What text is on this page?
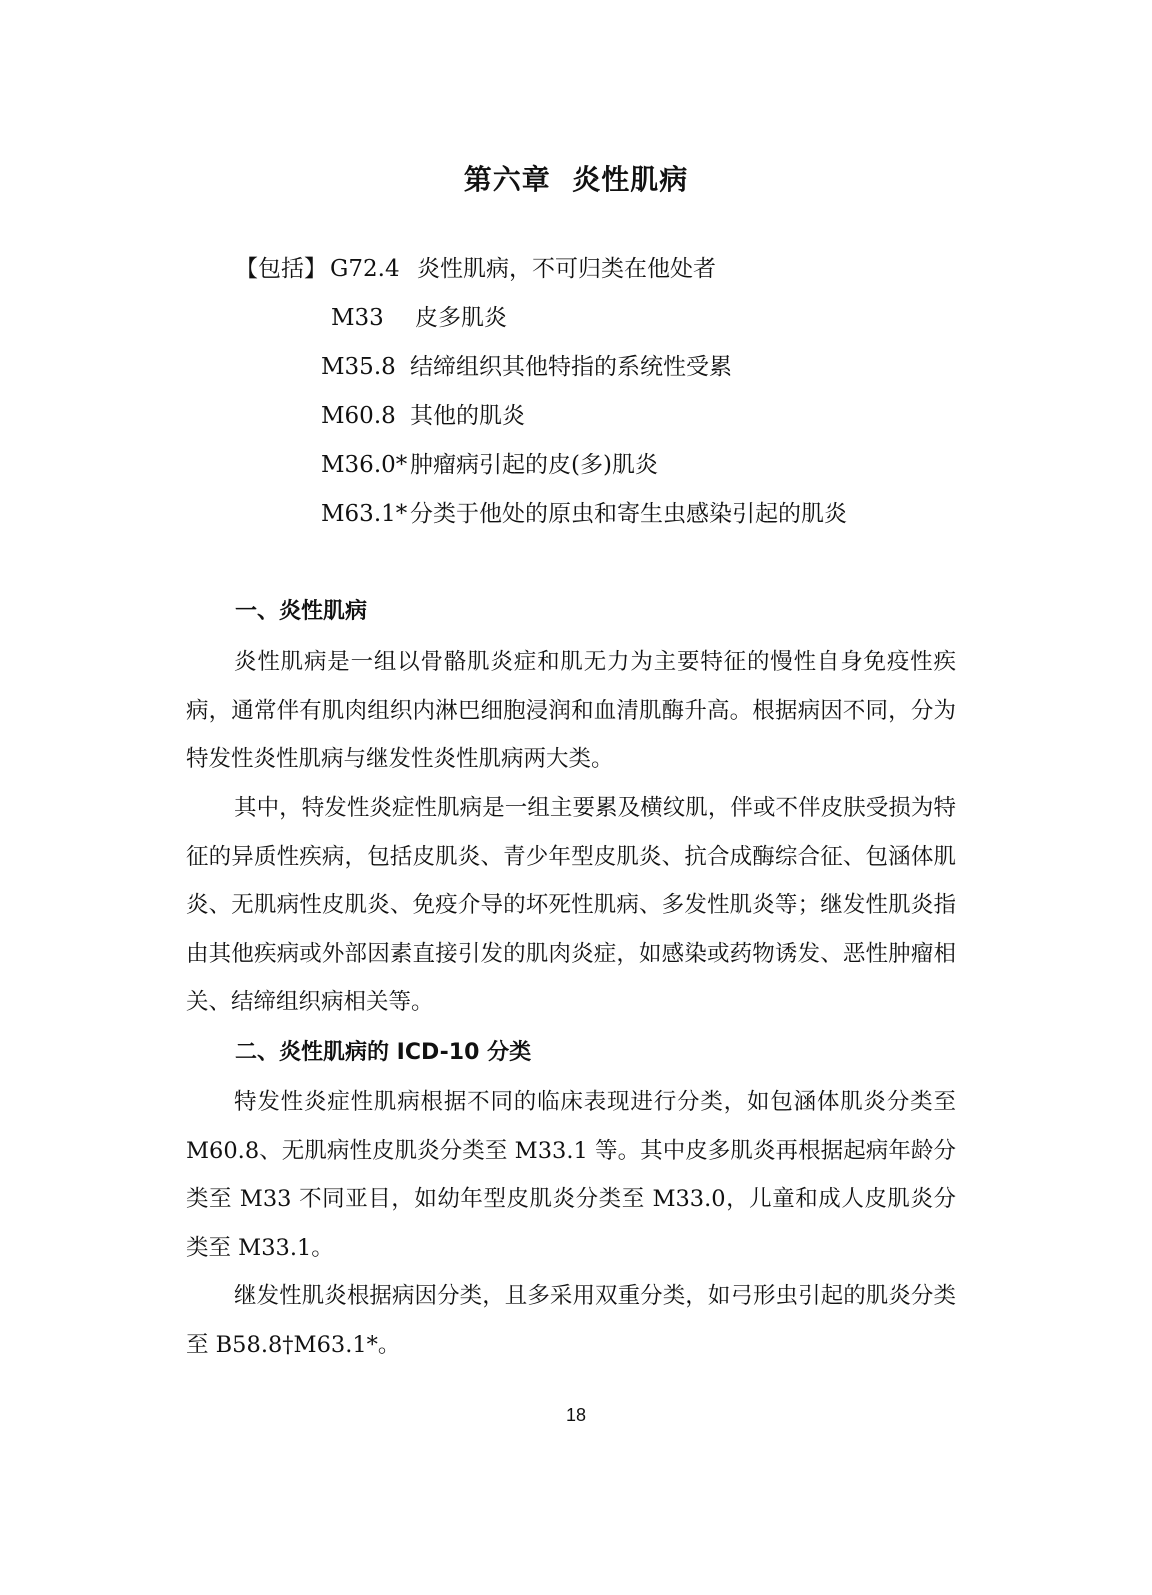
第六章  炎性肌病
【包括】 G72.4 炎性肌病，不可归类在他处者
M33 皮多肌炎
M35.8 结缔组织其他特指的系统性受累
M60.8 其他的肌炎
M36.0* 肿瘤病引起的皮(多)肌炎
M63.1* 分类于他处的原虫和寄生虫感染引起的肌炎
一、炎性肌病

炎性肌病是一组以骨骼肌炎症和肌无力为主要特征的慢性自身免疫性疾病，通常伴有肌肉组织内淋巴细胞浸润和血清肌酶升高。根据病因不同，分为特发性炎性肌病与继发性炎性肌病两大类。

其中，特发性炎症性肌病是一组主要累及横纹肌，伴或不伴皮肤受损为特征的异质性疾病，包括皮肌炎、青少年型皮肌炎、抗合成酶综合征、包涵体肌炎、无肌病性皮肌炎、免疫介导的坏死性肌病、多发性肌炎等；继发性肌炎指由其他疾病或外部因素直接引发的肌肉炎症，如感染或药物诱发、恶性肿瘤相关、结缔组织病相关等。

二、炎性肌病的 ICD-10 分类

特发性炎症性肌病根据不同的临床表现进行分类，如包涵体肌炎分类至 M60.8、无肌病性皮肌炎分类至 M33.1 等。其中皮多肌炎再根据起病年龄分类至 M33 不同亚目，如幼年型皮肌炎分类至 M33.0，儿童和成人皮肌炎分类至 M33.1。

继发性肌炎根据病因分类，且多采用双重分类，如弓形虫引起的肌炎分类至 B58.8†M63.1*。

18
